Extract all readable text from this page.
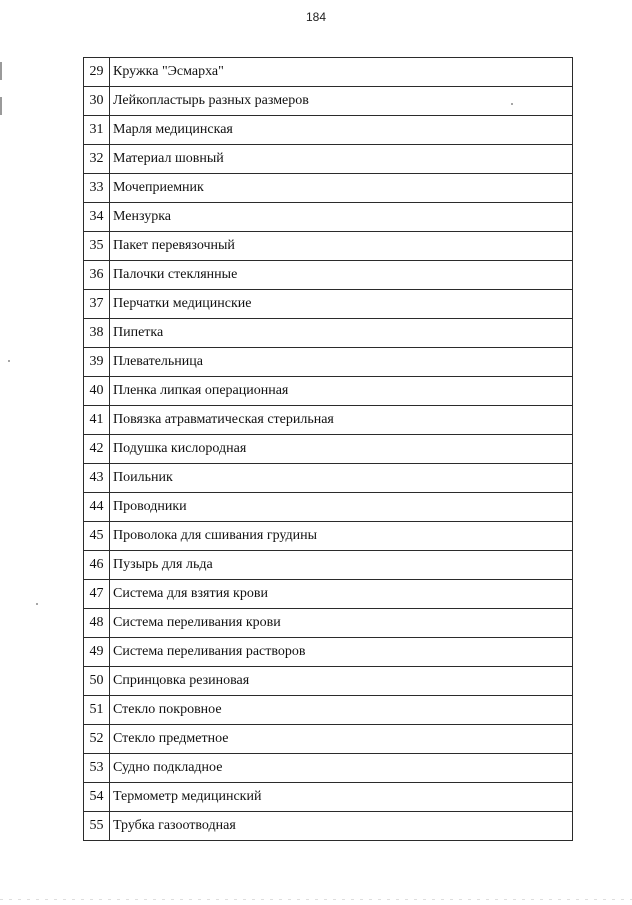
184
29	Кружка "Эсмарха"
30	Лейкопластырь разных размеров
31	Марля медицинская
32	Материал шовный
33	Мочеприемник
34	Мензурка
35	Пакет перевязочный
36	Палочки стеклянные
37	Перчатки медицинские
38	Пипетка
39	Плевательница
40	Пленка липкая операционная
41	Повязка атравматическая стерильная
42	Подушка кислородная
43	Поильник
44	Проводники
45	Проволока для сшивания грудины
46	Пузырь для льда
47	Система для взятия крови
48	Система переливания крови
49	Система переливания растворов
50	Спринцовка резиновая
51	Стекло покровное
52	Стекло предметное
53	Судно подкладное
54	Термометр медицинский
55	Трубка газоотводная
